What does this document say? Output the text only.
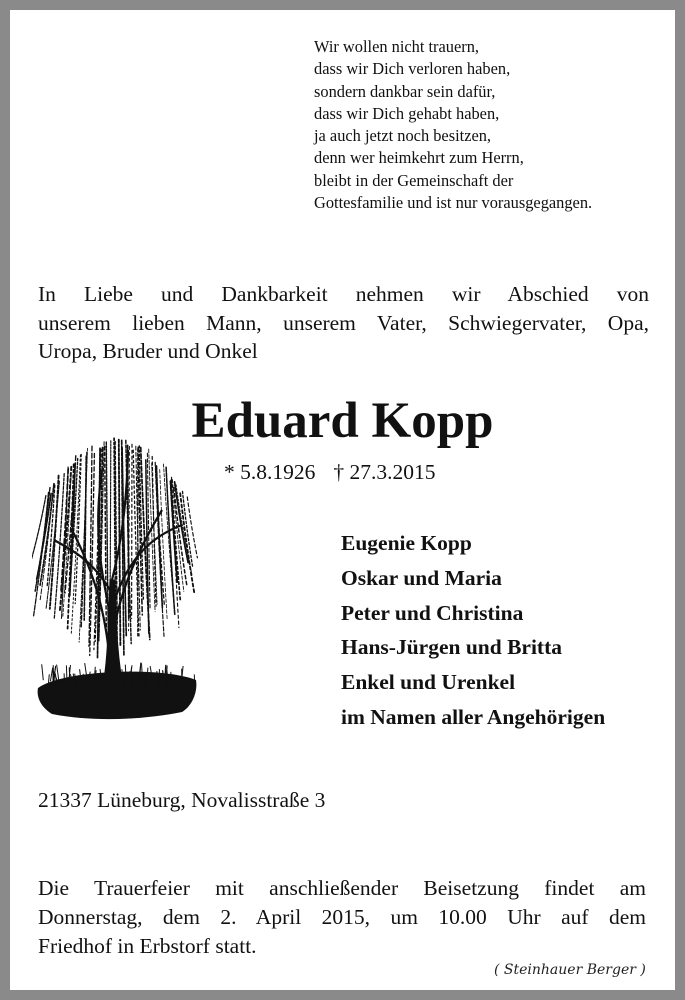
Wir wollen nicht trauern,
dass wir Dich verloren haben,
sondern dankbar sein dafür,
dass wir Dich gehabt haben,
ja auch jetzt noch besitzen,
denn wer heimkehrt zum Herrn,
bleibt in der Gemeinschaft der
Gottesfamilie und ist nur vorausgegangen.
In Liebe und Dankbarkeit nehmen wir Abschied von
unserem lieben Mann, unserem Vater, Schwiegervater, Opa,
Uropa, Bruder und Onkel
Eduard Kopp
* 5.8.1926 † 27.3.2015
Eugenie Kopp
Oskar und Maria
Peter und Christina
Hans-Jürgen und Britta
Enkel und Urenkel
im Namen aller Angehörigen
21337 Lüneburg, Novalisstraße 3
Die Trauerfeier mit anschließender Beisetzung findet am
Donnerstag, dem 2. April 2015, um 10.00 Uhr auf dem
Friedhof in Erbstorf statt.
( Steinhauer Berger )
